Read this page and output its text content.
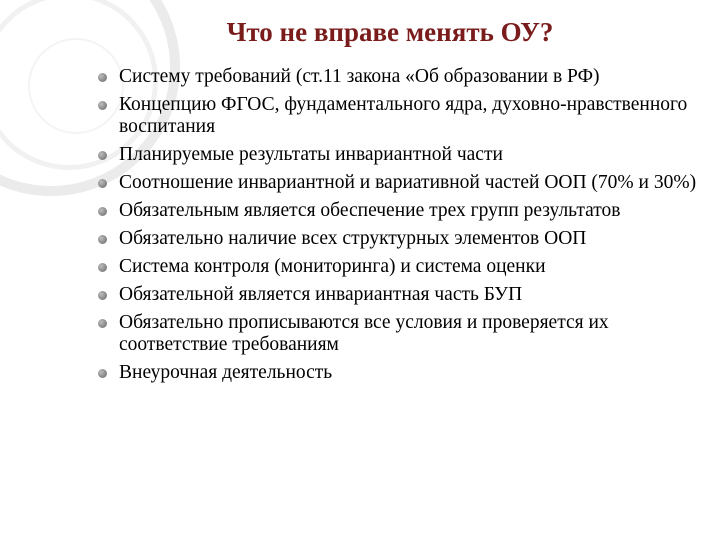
Что не вправе менять ОУ?
Систему требований (ст.11 закона «Об образовании в РФ)
Концепцию ФГОС, фундаментального ядра, духовно-нравственного воспитания
Планируемые результаты инвариантной части
Соотношение инвариантной и вариативной частей ООП (70% и 30%)
Обязательным является обеспечение трех групп результатов
Обязательно наличие всех структурных элементов ООП
Система контроля (мониторинга) и система оценки
Обязательной является инвариантная часть БУП
Обязательно прописываются все условия и проверяется их соответствие требованиям
Внеурочная деятельность
